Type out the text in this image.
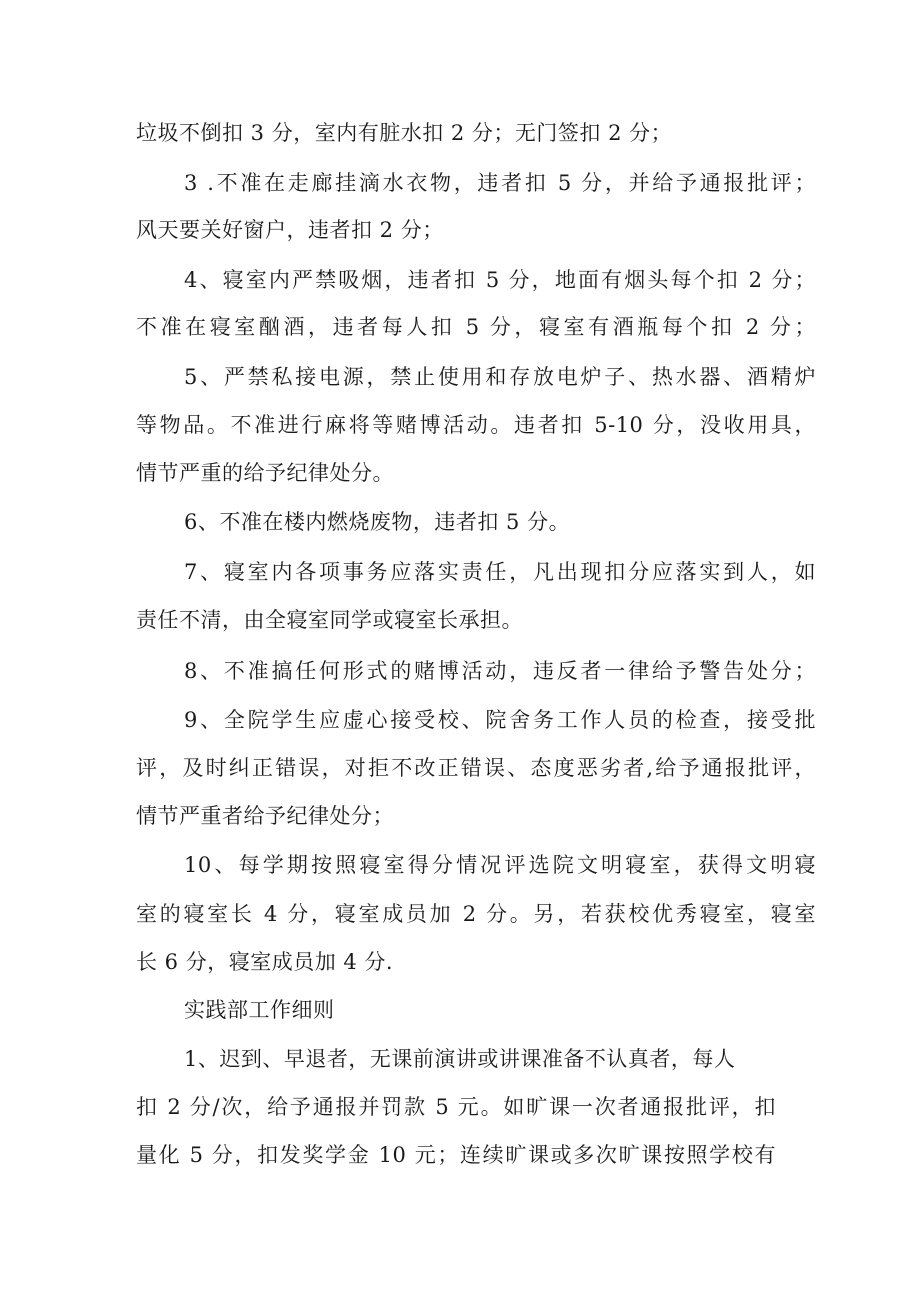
垃圾不倒扣 3 分，室内有脏水扣 2 分；无门签扣 2 分；
3 .不准在走廊挂滴水衣物，违者扣 5 分，并给予通报批评；
风天要关好窗户，违者扣 2 分；
4、寝室内严禁吸烟，违者扣 5 分，地面有烟头每个扣 2 分；
不准在寝室酗酒，违者每人扣 5 分，寝室有酒瓶每个扣 2 分；
5、严禁私接电源，禁止使用和存放电炉子、热水器、酒精炉
等物品。不准进行麻将等赌博活动。违者扣 5-10 分，没收用具，
情节严重的给予纪律处分。
6、不准在楼内燃烧废物，违者扣 5 分。
7、寝室内各项事务应落实责任，凡出现扣分应落实到人，如
责任不清，由全寝室同学或寝室长承担。
8、不准搞任何形式的赌博活动，违反者一律给予警告处分；
9、全院学生应虚心接受校、院舍务工作人员的检查，接受批
评，及时纠正错误，对拒不改正错误、态度恶劣者,给予通报批评，
情节严重者给予纪律处分；
10、每学期按照寝室得分情况评选院文明寝室，获得文明寝
室的寝室长 4 分，寝室成员加 2 分。另，若获校优秀寝室，寝室
长 6 分，寝室成员加 4 分.
实践部工作细则
1、迟到、早退者，无课前演讲或讲课准备不认真者，每人
扣 2 分/次，给予通报并罚款 5 元。如旷课一次者通报批评，扣
量化 5 分，扣发奖学金 10 元；连续旷课或多次旷课按照学校有
